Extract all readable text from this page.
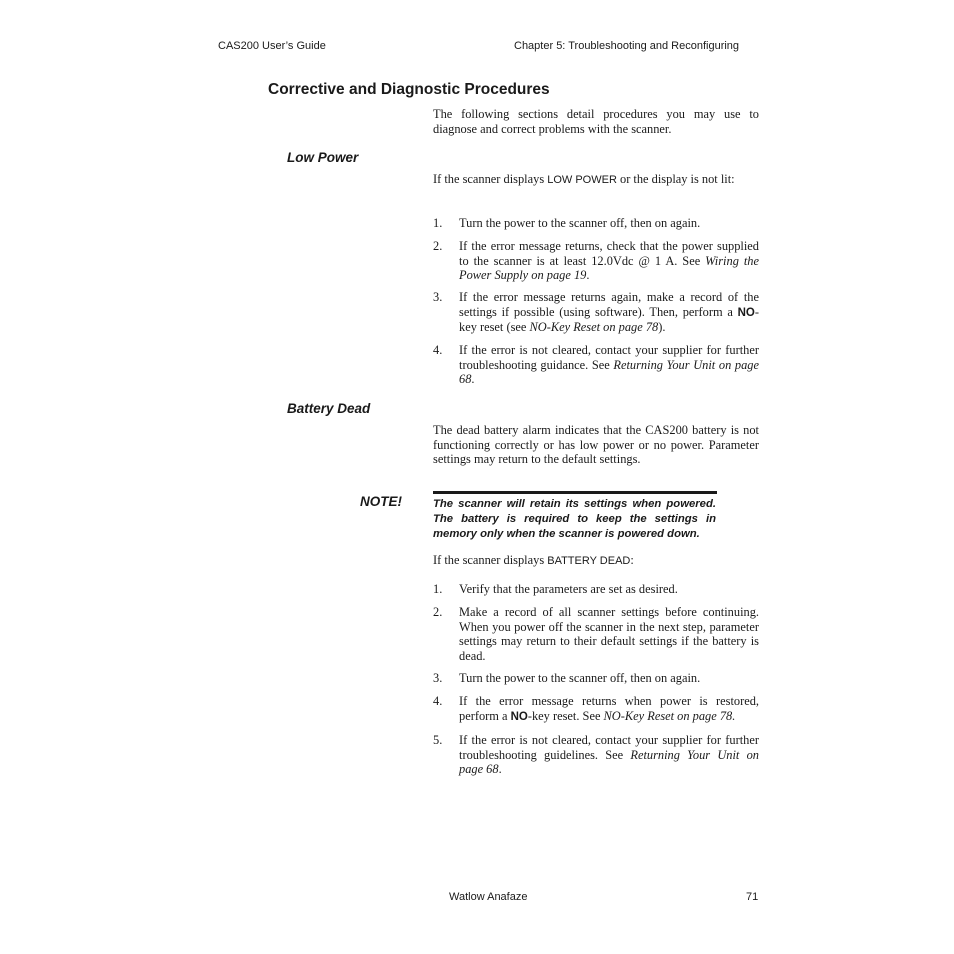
CAS200 User’s Guide	Chapter 5: Troubleshooting and Reconfiguring
Corrective and Diagnostic Procedures
The following sections detail procedures you may use to diagnose and correct problems with the scanner.
Low Power
If the scanner displays LOW POWER or the display is not lit:
1. Turn the power to the scanner off, then on again.
2. If the error message returns, check that the power supplied to the scanner is at least 12.0Vdc @ 1 A. See Wiring the Power Supply on page 19.
3. If the error message returns again, make a record of the settings if possible (using software). Then, perform a NO-key reset (see NO-Key Reset on page 78).
4. If the error is not cleared, contact your supplier for further troubleshooting guidance. See Returning Your Unit on page 68.
Battery Dead
The dead battery alarm indicates that the CAS200 battery is not functioning correctly or has low power or no power. Parameter settings may return to the default settings.
NOTE!	The scanner will retain its settings when powered. The battery is required to keep the settings in memory only when the scanner is powered down.
If the scanner displays BATTERY DEAD:
1. Verify that the parameters are set as desired.
2. Make a record of all scanner settings before continuing. When you power off the scanner in the next step, parameter settings may return to their default settings if the battery is dead.
3. Turn the power to the scanner off, then on again.
4. If the error message returns when power is restored, perform a NO-key reset. See NO-Key Reset on page 78.
5. If the error is not cleared, contact your supplier for further troubleshooting guidelines. See Returning Your Unit on page 68.
Watlow Anafaze	71
